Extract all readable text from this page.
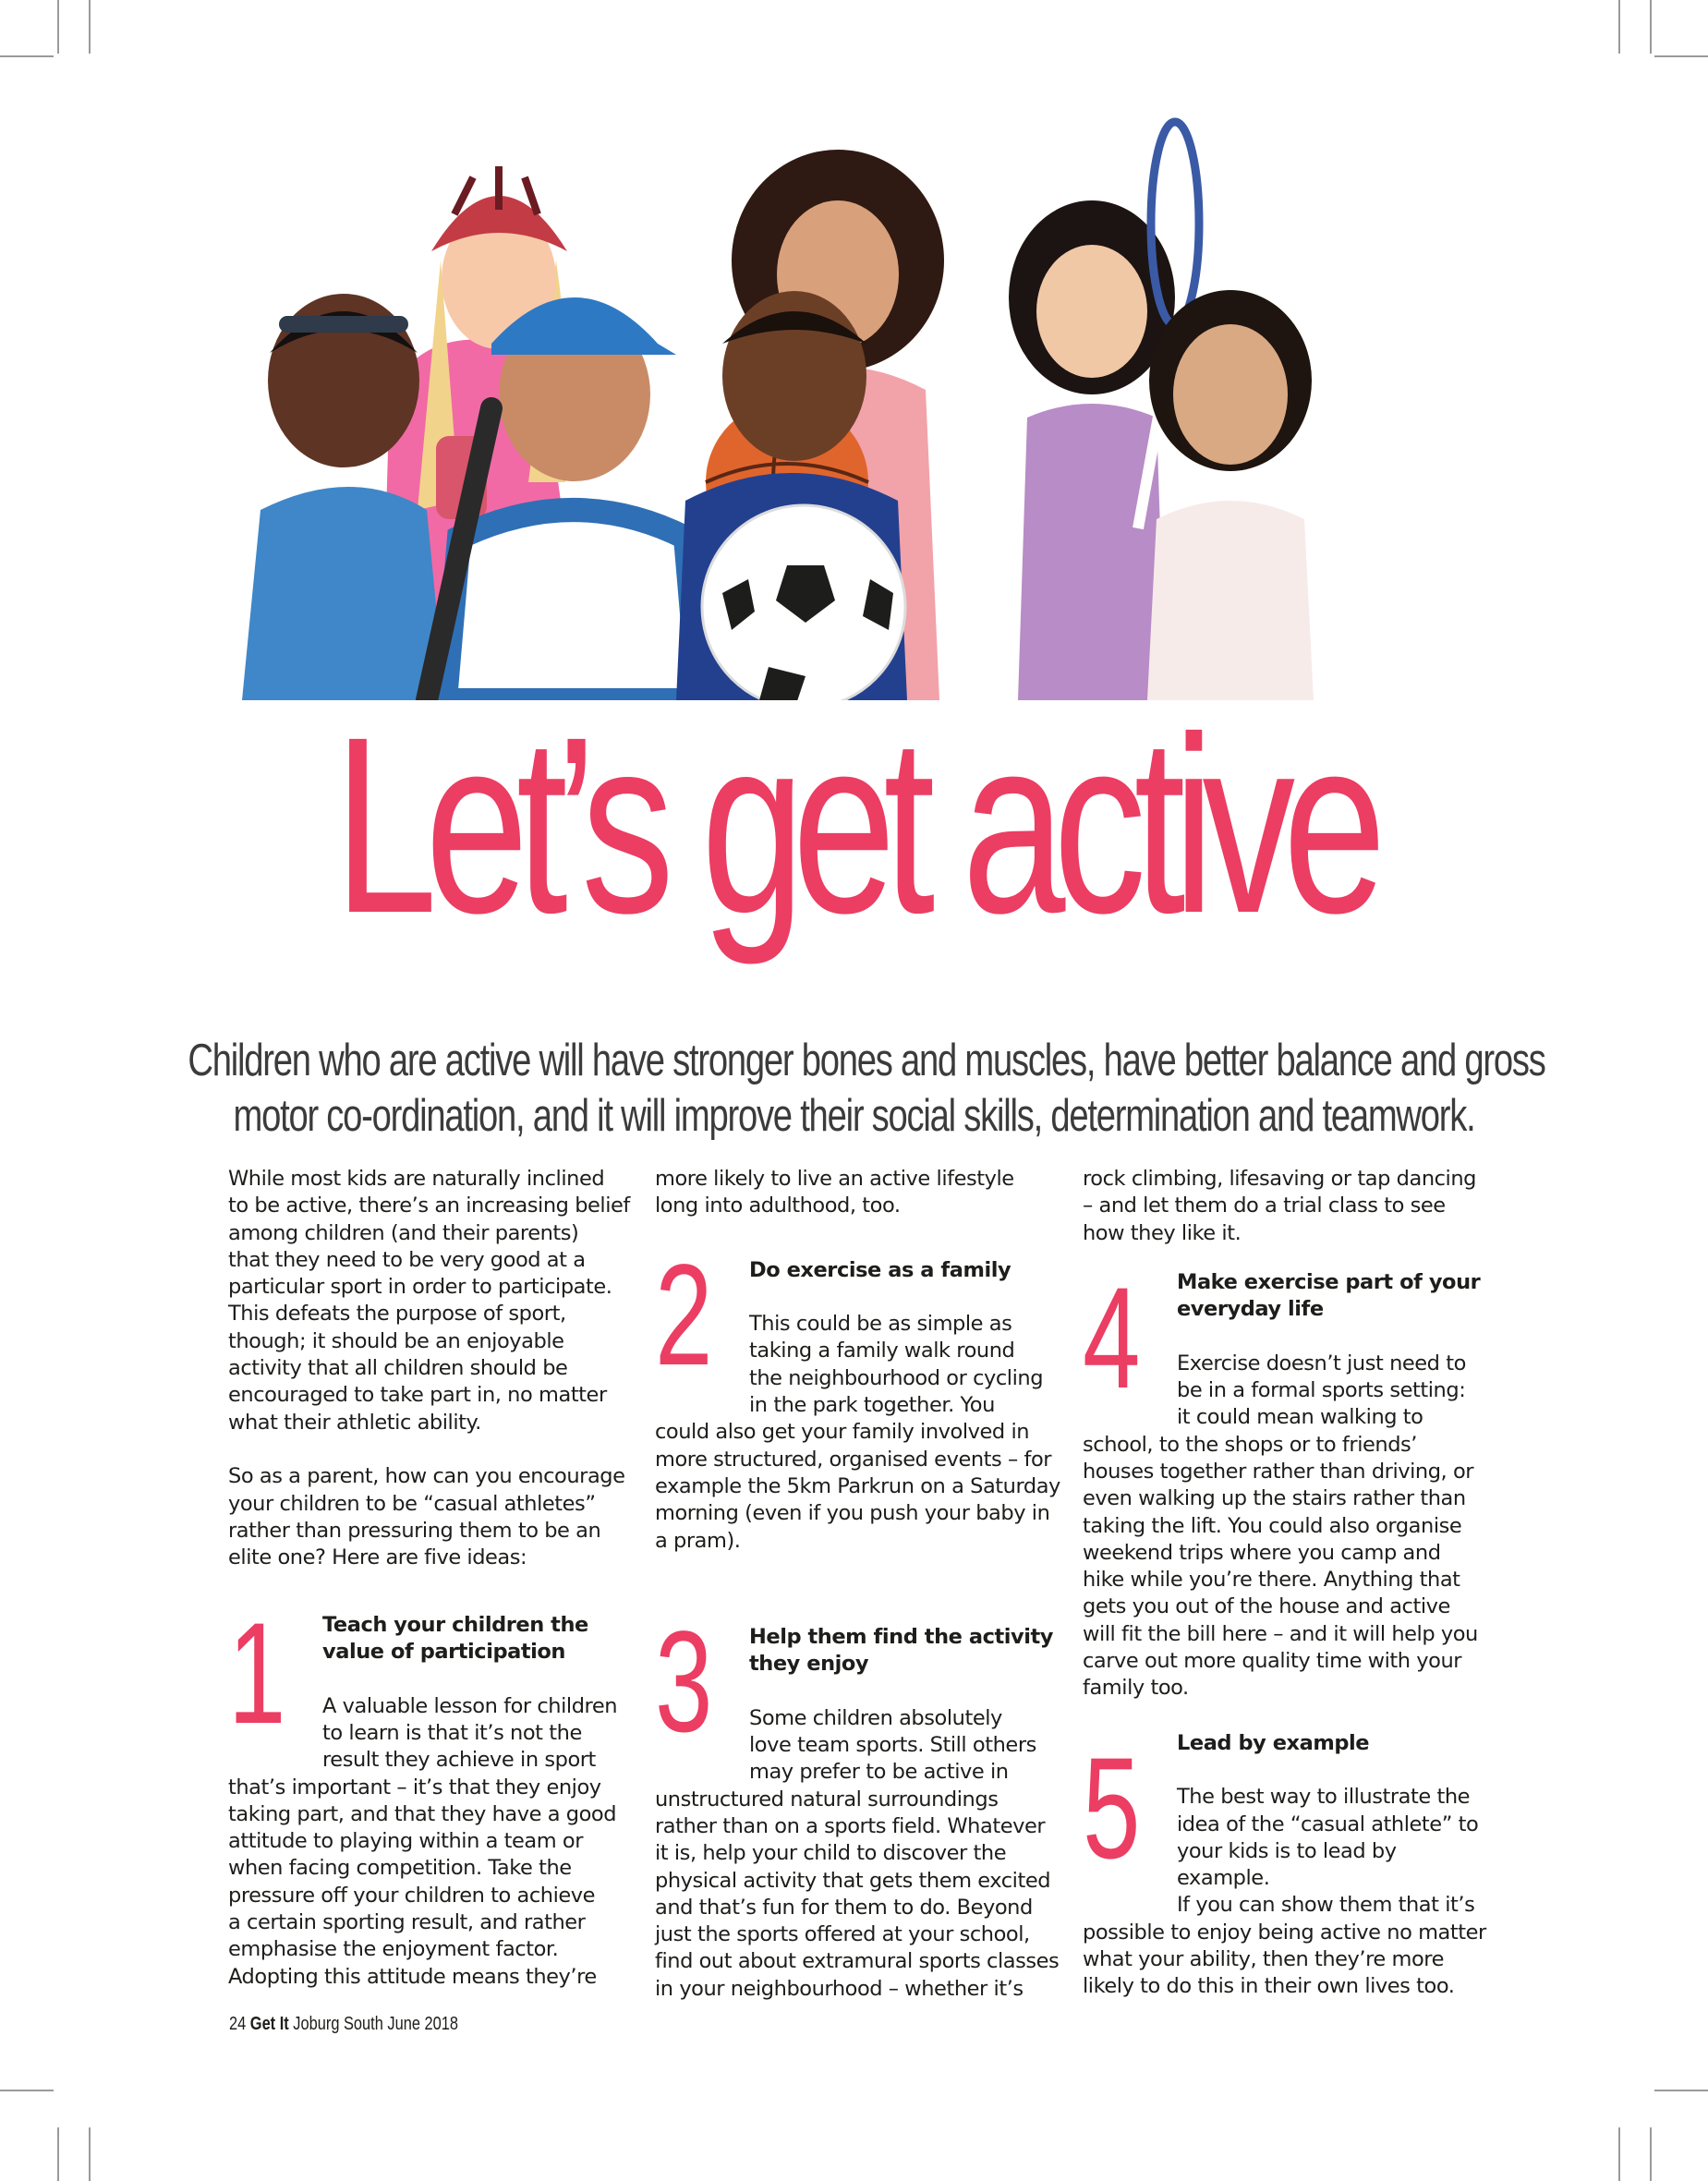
Let’s get active
Children who are active will have stronger bones and muscles, have better balance and gross
motor co-ordination, and it will improve their social skills, determination and teamwork.

While most kids are naturally inclined
to be active, there’s an increasing belief
among children (and their parents)
that they need to be very good at a
particular sport in order to participate.
This defeats the purpose of sport,
though; it should be an enjoyable
activity that all children should be
encouraged to take part in, no matter
what their athletic ability.

So as a parent, how can you encourage
your children to be “casual athletes”
rather than pressuring them to be an
elite one? Here are five ideas:

1 Teach your children the
value of participation

A valuable lesson for children
to learn is that it’s not the
result they achieve in sport

that’s important – it’s that they enjoy
taking part, and that they have a good
attitude to playing within a team or
when facing competition. Take the
pressure off your children to achieve
a certain sporting result, and rather
emphasise the enjoyment factor.
Adopting this attitude means they’re

more likely to live an active lifestyle
long into adulthood, too.

2 Do exercise as a family

This could be as simple as
taking a family walk round
the neighbourhood or cycling
in the park together. You

could also get your family involved in
more structured, organised events – for
example the 5km Parkrun on a Saturday
morning (even if you push your baby in
a pram).

3 Help them find the activity
they enjoy

Some children absolutely
love team sports. Still others
may prefer to be active in

unstructured natural surroundings
rather than on a sports field. Whatever
it is, help your child to discover the
physical activity that gets them excited
and that’s fun for them to do. Beyond
just the sports offered at your school,
find out about extramural sports classes
in your neighbourhood – whether it’s

rock climbing, lifesaving or tap dancing
– and let them do a trial class to see
how they like it.

4 Make exercise part of your
everyday life

Exercise doesn’t just need to
be in a formal sports setting:
it could mean walking to

school, to the shops or to friends’
houses together rather than driving, or
even walking up the stairs rather than
taking the lift. You could also organise
weekend trips where you camp and
hike while you’re there. Anything that
gets you out of the house and active
will fit the bill here – and it will help you
carve out more quality time with your
family too.

5 Lead by example

The best way to illustrate the
idea of the “casual athlete” to
your kids is to lead by example.
If you can show them that it’s

possible to enjoy being active no matter
what your ability, then they’re more
likely to do this in their own lives too.

24 Get It Joburg South June 2018
